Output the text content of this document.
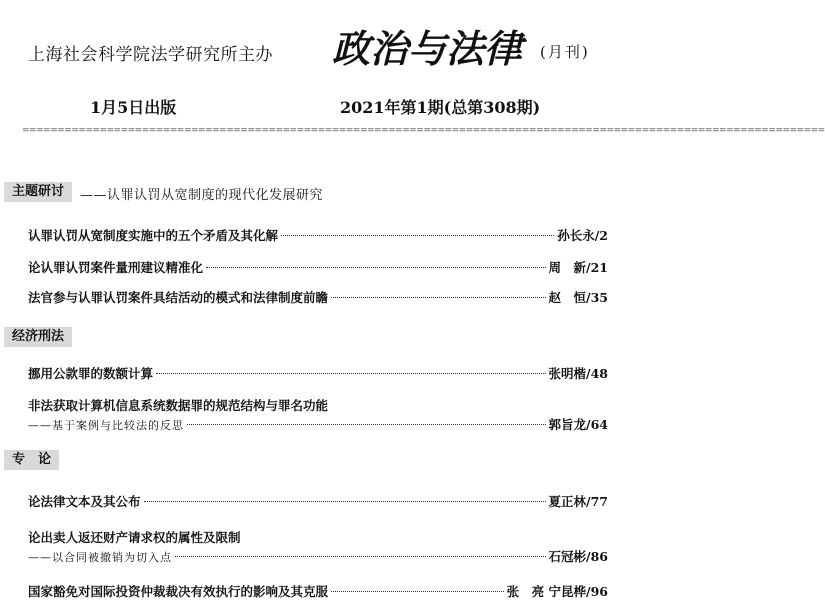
上海社会科学院法学研究所主办 政治与法律	(月刊)
1月5日出版	2021年第1期(总第308期)
==================================================================================================================
主题研讨	——认罪认罚从宽制度的现代化发展研究
认罪认罚从宽制度实施中的五个矛盾及其化解	孙长永/2
论认罪认罚案件量刑建议精准化	周　新/21
法官参与认罪认罚案件具结活动的模式和法律制度前瞻	赵　恒/35
经济刑法
挪用公款罪的数额计算	张明楷/48
非法获取计算机信息系统数据罪的规范结构与罪名功能
——基于案例与比较法的反思	郭旨龙/64
专　论
论法律文本及其公布	夏正林/77
论出卖人返还财产请求权的属性及限制
——以合同被撤销为切入点	石冠彬/86
国家豁免对国际投资仲裁裁决有效执行的影响及其克服	张　亮 宁昆桦/96
